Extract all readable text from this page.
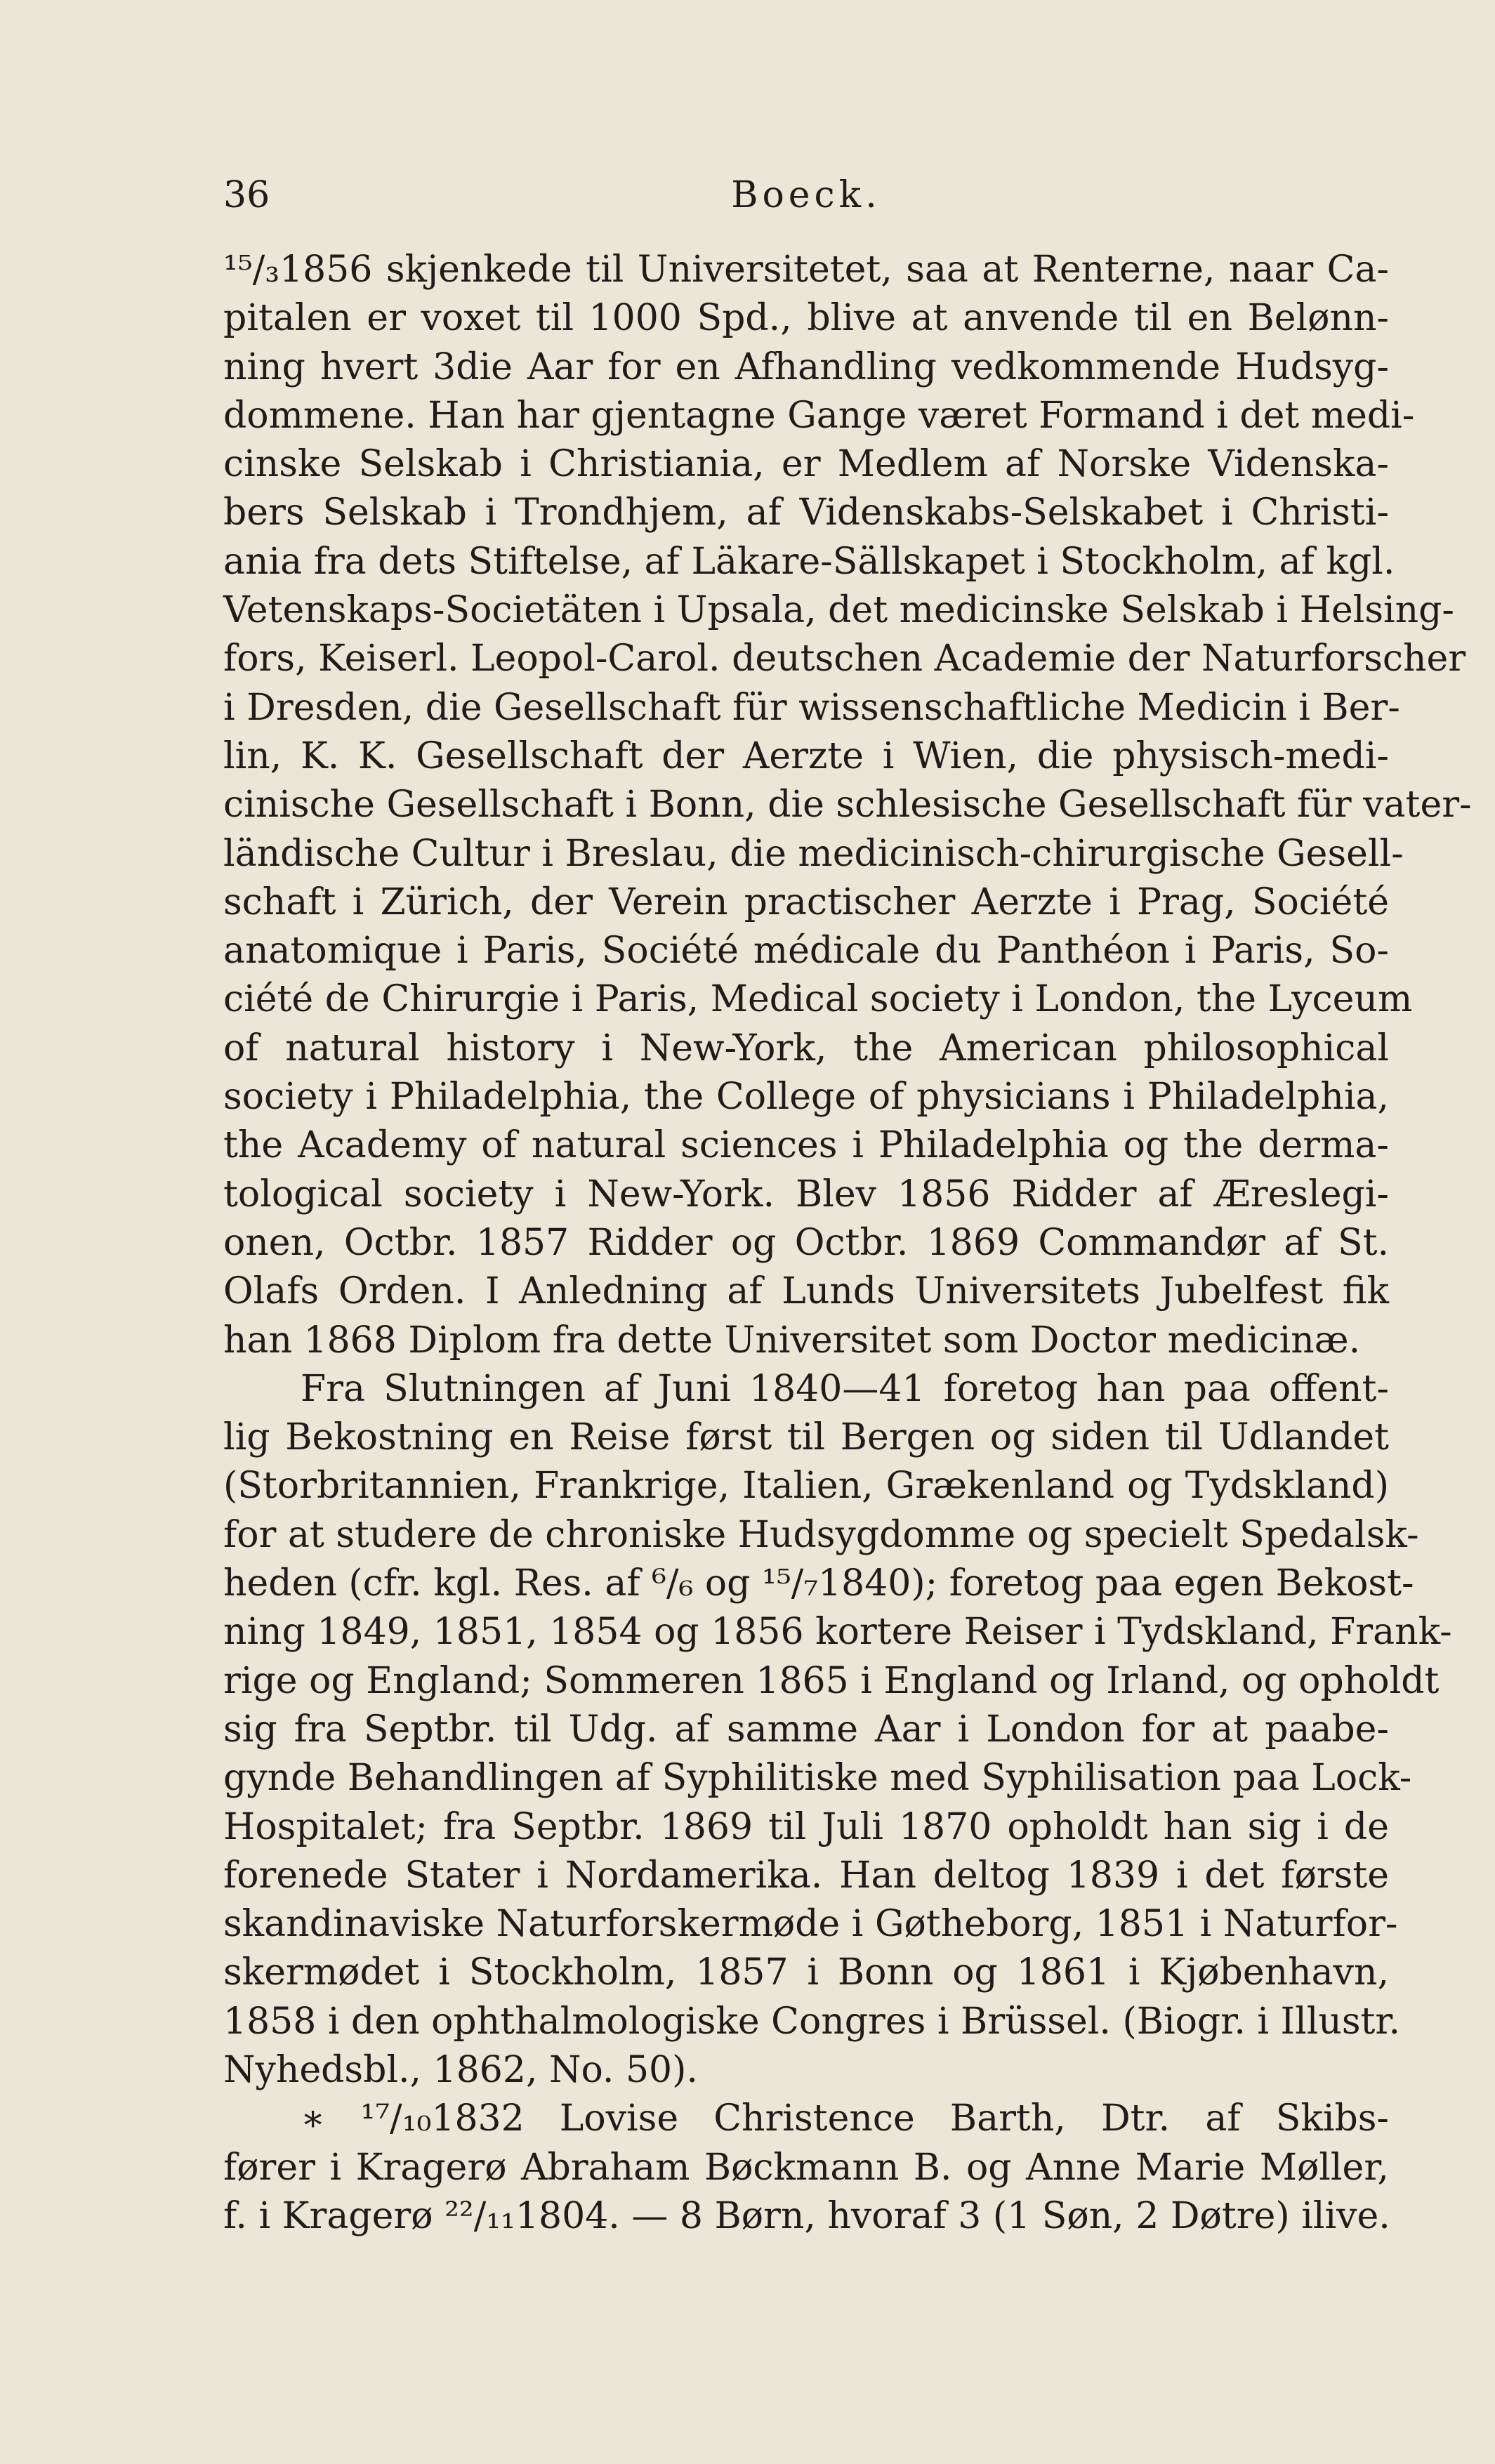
36	Boeck.
¹⁵/₃1856 skjenkede til Universitetet, saa at Renterne, naar Ca-
pitalen er voxet til 1000 Spd., blive at anvende til en Belønn-
ning hvert 3die Aar for en Afhandling vedkommende Hudsyg-
dommene. Han har gjentagne Gange været Formand i det medi-
cinske Selskab i Christiania, er Medlem af Norske Videnska-
bers Selskab i Trondhjem, af Videnskabs-Selskabet i Christi-
ania fra dets Stiftelse, af Läkare-Sällskapet i Stockholm, af kgl.
Vetenskaps-Societäten i Upsala, det medicinske Selskab i Helsing-
fors, Keiserl. Leopol-Carol. deutschen Academie der Naturforscher
i Dresden, die Gesellschaft für wissenschaftliche Medicin i Ber-
lin, K. K. Gesellschaft der Aerzte i Wien, die physisch-medi-
cinische Gesellschaft i Bonn, die schlesische Gesellschaft für vater-
ländische Cultur i Breslau, die medicinisch-chirurgische Gesell-
schaft i Zürich, der Verein practischer Aerzte i Prag, Société
anatomique i Paris, Société médicale du Panthéon i Paris, So-
ciété de Chirurgie i Paris, Medical society i London, the Lyceum
of natural history i New-York, the American philosophical
society i Philadelphia, the College of physicians i Philadelphia,
the Academy of natural sciences i Philadelphia og the derma-
tological society i New-York. Blev 1856 Ridder af Æreslegi-
onen, Octbr. 1857 Ridder og Octbr. 1869 Commandør af St.
Olafs Orden. I Anledning af Lunds Universitets Jubelfest fik
han 1868 Diplom fra dette Universitet som Doctor medicinæ.
Fra Slutningen af Juni 1840—41 foretog han paa offent-
lig Bekostning en Reise først til Bergen og siden til Udlandet
(Storbritannien, Frankrige, Italien, Grækenland og Tydskland)
for at studere de chroniske Hudsygdomme og specielt Spedalsk-
heden (cfr. kgl. Res. af ⁶/₆ og ¹⁵/₇1840); foretog paa egen Bekost-
ning 1849, 1851, 1854 og 1856 kortere Reiser i Tydskland, Frank-
rige og England; Sommeren 1865 i England og Irland, og opholdt
sig fra Septbr. til Udg. af samme Aar i London for at paabe-
gynde Behandlingen af Syphilitiske med Syphilisation paa Lock-
Hospitalet; fra Septbr. 1869 til Juli 1870 opholdt han sig i de
forenede Stater i Nordamerika. Han deltog 1839 i det første
skandinaviske Naturforskermøde i Gøtheborg, 1851 i Naturfor-
skermødet i Stockholm, 1857 i Bonn og 1861 i Kjøbenhavn,
1858 i den ophthalmologiske Congres i Brüssel. (Biogr. i Illustr.
Nyhedsbl., 1862, No. 50).
∗ ¹⁷/₁₀1832 Lovise Christence Barth, Dtr. af Skibs-
fører i Kragerø Abraham Bøckmann B. og Anne Marie Møller,
f. i Kragerø ²²/₁₁1804. — 8 Børn, hvoraf 3 (1 Søn, 2 Døtre) ilive.
